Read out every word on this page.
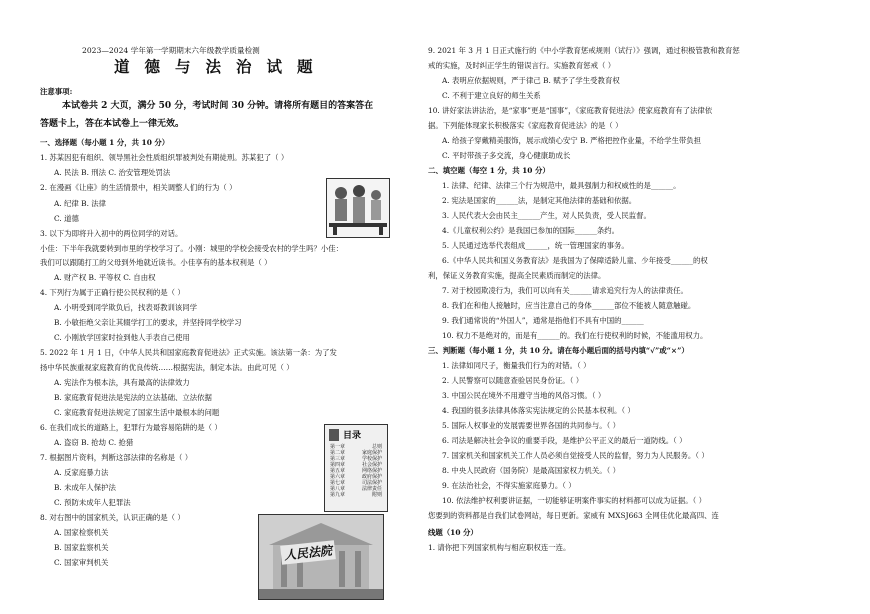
2023—2024 学年第一学期期末六年级教学质量检测
道德与法治试题
注意事项:
本试卷共 2 大页，满分 50 分，考试时间 30 分钟。请将所有题目的答案答在
答题卡上，答在本试卷上一律无效。
一、选择题（每小题 1 分，共 10 分）
1. 苏某因犯有组织、领导黑社会性质组织罪被判处有期徒刑。苏某犯了（ ）
A. 民法 B. 刑法 C. 治安管理处罚法
2. 在漫画《让座》的生活情景中，相关调整人们的行为（ ）
A. 纪律 B. 法律
C. 道德
3. 以下为即将升入初中的两位同学的对话。
小佳：下半年我就要转到市里的学校学习了。小刚：城里的学校会接受农村的学生吗？小佳：
我们可以跟随打工的父母到外地就近读书。小佳享有的基本权利是（ ）
A. 财产权 B. 平等权 C. 自由权
4. 下列行为属于正确行使公民权利的是（ ）
A. 小明受到同学欺负后，找表哥教训该同学
B. 小敏拒绝父亲让其辍学打工的要求，并坚持同学校学习
C. 小刚放学回家时捡到他人手表自己使用
5. 2022 年 1 月 1 日，《中华人民共和国家庭教育促进法》正式实施。该法第一条：为了发
扬中华民族重视家庭教育的优良传统……根据宪法，制定本法。由此可见（ ）
A. 宪法作为根本法，具有最高的法律效力
B. 家庭教育促进法是宪法的立法基础、立法依据
C. 家庭教育促进法规定了国家生活中最根本的问题
6. 在我们成长的道路上，犯罪行为最容易陷阱的是（ ）
A. 盗窃 B. 抢劫 C. 抢猎
7. 根据图片资料，判断这部法律的名称是（ ）
A. 反家庭暴力法
B. 未成年人保护法
C. 预防未成年人犯罪法
8. 对右图中的国家机关，认识正确的是（ ）
A. 国家检察机关
B. 国家监察机关
C. 国家审判机关
9. 2021 年 3 月 1 日正式施行的《中小学教育惩戒规则（试行）》强调，通过积极管教和教育惩
戒的实施，及时纠正学生的错误言行。实施教育惩戒（ ）
A. 表明应依据规则，严于律己 B. 赋予了学生受教育权
C. 不利于建立良好的师生关系
10. 讲好家法讲法治，是“家事”更是“国事”，《家庭教育促进法》使家庭教育有了法律依
据。下列能体现家长积极落实《家庭教育促进法》的是（ ）
A. 给孩子穿戴精美服饰，展示成绩心安宁 B. 严格把控作业量，不给学生带负担
C. 平时带孩子多交流，身心健康助成长
二、填空题（每空 1 分，共 10 分）
1. 法律、纪律、法律三个行为规范中，最具强制力和权威性的是______。
2. 宪法是国家的______法，是制定其他法律的基础和依据。
3. 人民代表大会由民主______产生，对人民负责，受人民监督。
4.《儿童权利公约》是我国已参加的国际______条约。
5. 人民通过选举代表组成______，统一管理国家的事务。
6.《中华人民共和国义务教育法》是我国为了保障适龄儿童、少年接受______的权
利，保证义务教育实施，提高全民素质而制定的法律。
7. 对于校园欺凌行为，我们可以向有关______请求追究行为人的法律责任。
8. 我们在和他人接触时，应当注意自己的身体______部位不能被人随意触碰。
9. 我们通常说的“外国人”，通常是指他们不具有中国的______
10. 权力不是绝对的，而是有______的。我们在行使权利的时候，不能滥用权力。
三、判断题（每小题 1 分，共 10 分。请在每小题后面的括号内填“√”或“×”）
1. 法律如同尺子，衡量我们行为的对错。（ ）
2. 人民警察可以随意查验居民身份证。（ ）
3. 中国公民在境外不用遵守当地的风俗习惯。（ ）
4. 我国的很多法律具体落实宪法规定的公民基本权利。（ ）
5. 国际人权事业的发展需要世界各国的共同参与。（ ）
6. 司法是解决社会争议的重要手段，是维护公平正义的最后一道防线。（ ）
7. 国家机关和国家机关工作人员必须自觉接受人民的监督，努力为人民服务。（ ）
8. 中央人民政府（国务院）是最高国家权力机关。（ ）
9. 在法治社会，不得实施家庭暴力。（ ）
10. 依法维护权利要讲证据，一切能够证明案件事实的材料都可以成为证据。（ ）
您要到的资料都是自我们试卷网站，每日更新。家威有 MXSJ663 全网佳优化最高四、连
线题（10 分）
1. 请你把下列国家机构与相应职权连一连。
目录
第一章	总则
第二章	家庭保护
第三章	学校保护
第四章	社会保护
第五章	网络保护
第六章	政府保护
第七章	司法保护
第八章	法律责任
第九章	附则
人民法院
